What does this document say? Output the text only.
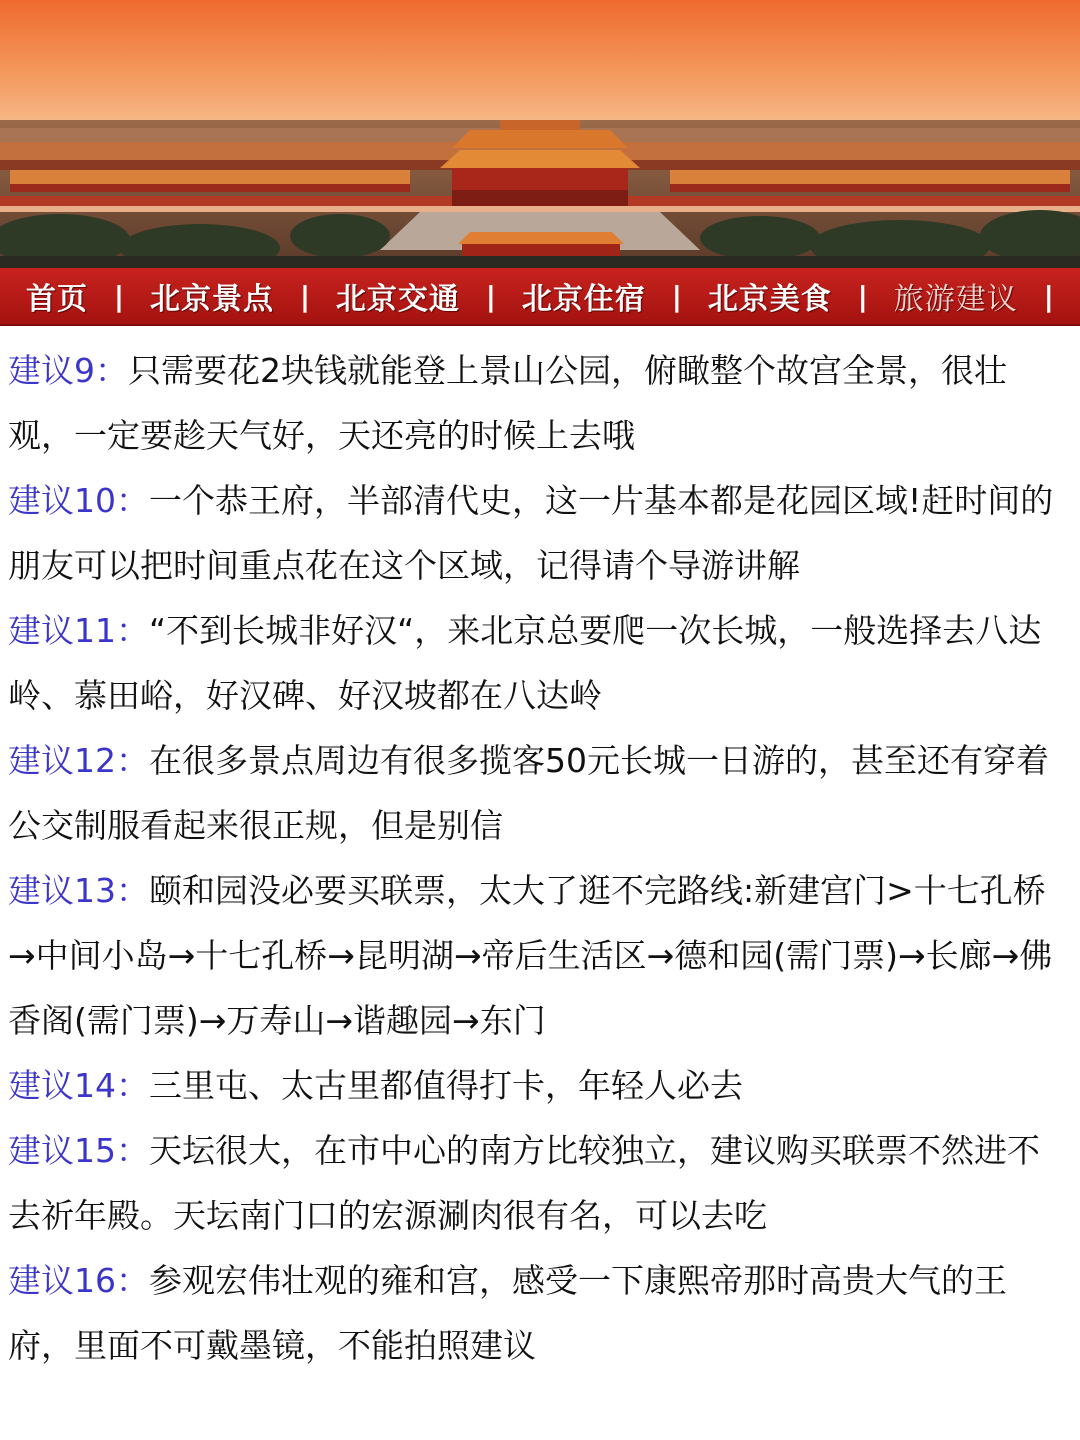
首页 | 北京景点 | 北京交通 | 北京住宿 | 北京美食 | 旅游建议 |

建议9：只需要花2块钱就能登上景山公园，俯瞰整个故宫全景，很壮观，一定要趁天气好，天还亮的时候上去哦

建议10：一个恭王府，半部清代史，这一片基本都是花园区域!赶时间的朋友可以把时间重点花在这个区域，记得请个导游讲解

建议11：“不到长城非好汉“，来北京总要爬一次长城，一般选择去八达岭、慕田峪，好汉碑、好汉坡都在八达岭

建议12：在很多景点周边有很多揽客50元长城一日游的，甚至还有穿着公交制服看起来很正规，但是别信

建议13：颐和园没必要买联票，太大了逛不完路线:新建宫门>十七孔桥→中间小岛→十七孔桥→昆明湖→帝后生活区→德和园(需门票)→长廊→佛香阁(需门票)→万寿山→谐趣园→东门

建议14：三里屯、太古里都值得打卡，年轻人必去

建议15：天坛很大，在市中心的南方比较独立，建议购买联票不然进不去祈年殿。天坛南门口的宏源涮肉很有名，可以去吃

建议16：参观宏伟壮观的雍和宫，感受一下康熙帝那时高贵大气的王府，里面不可戴墨镜，不能拍照建议
